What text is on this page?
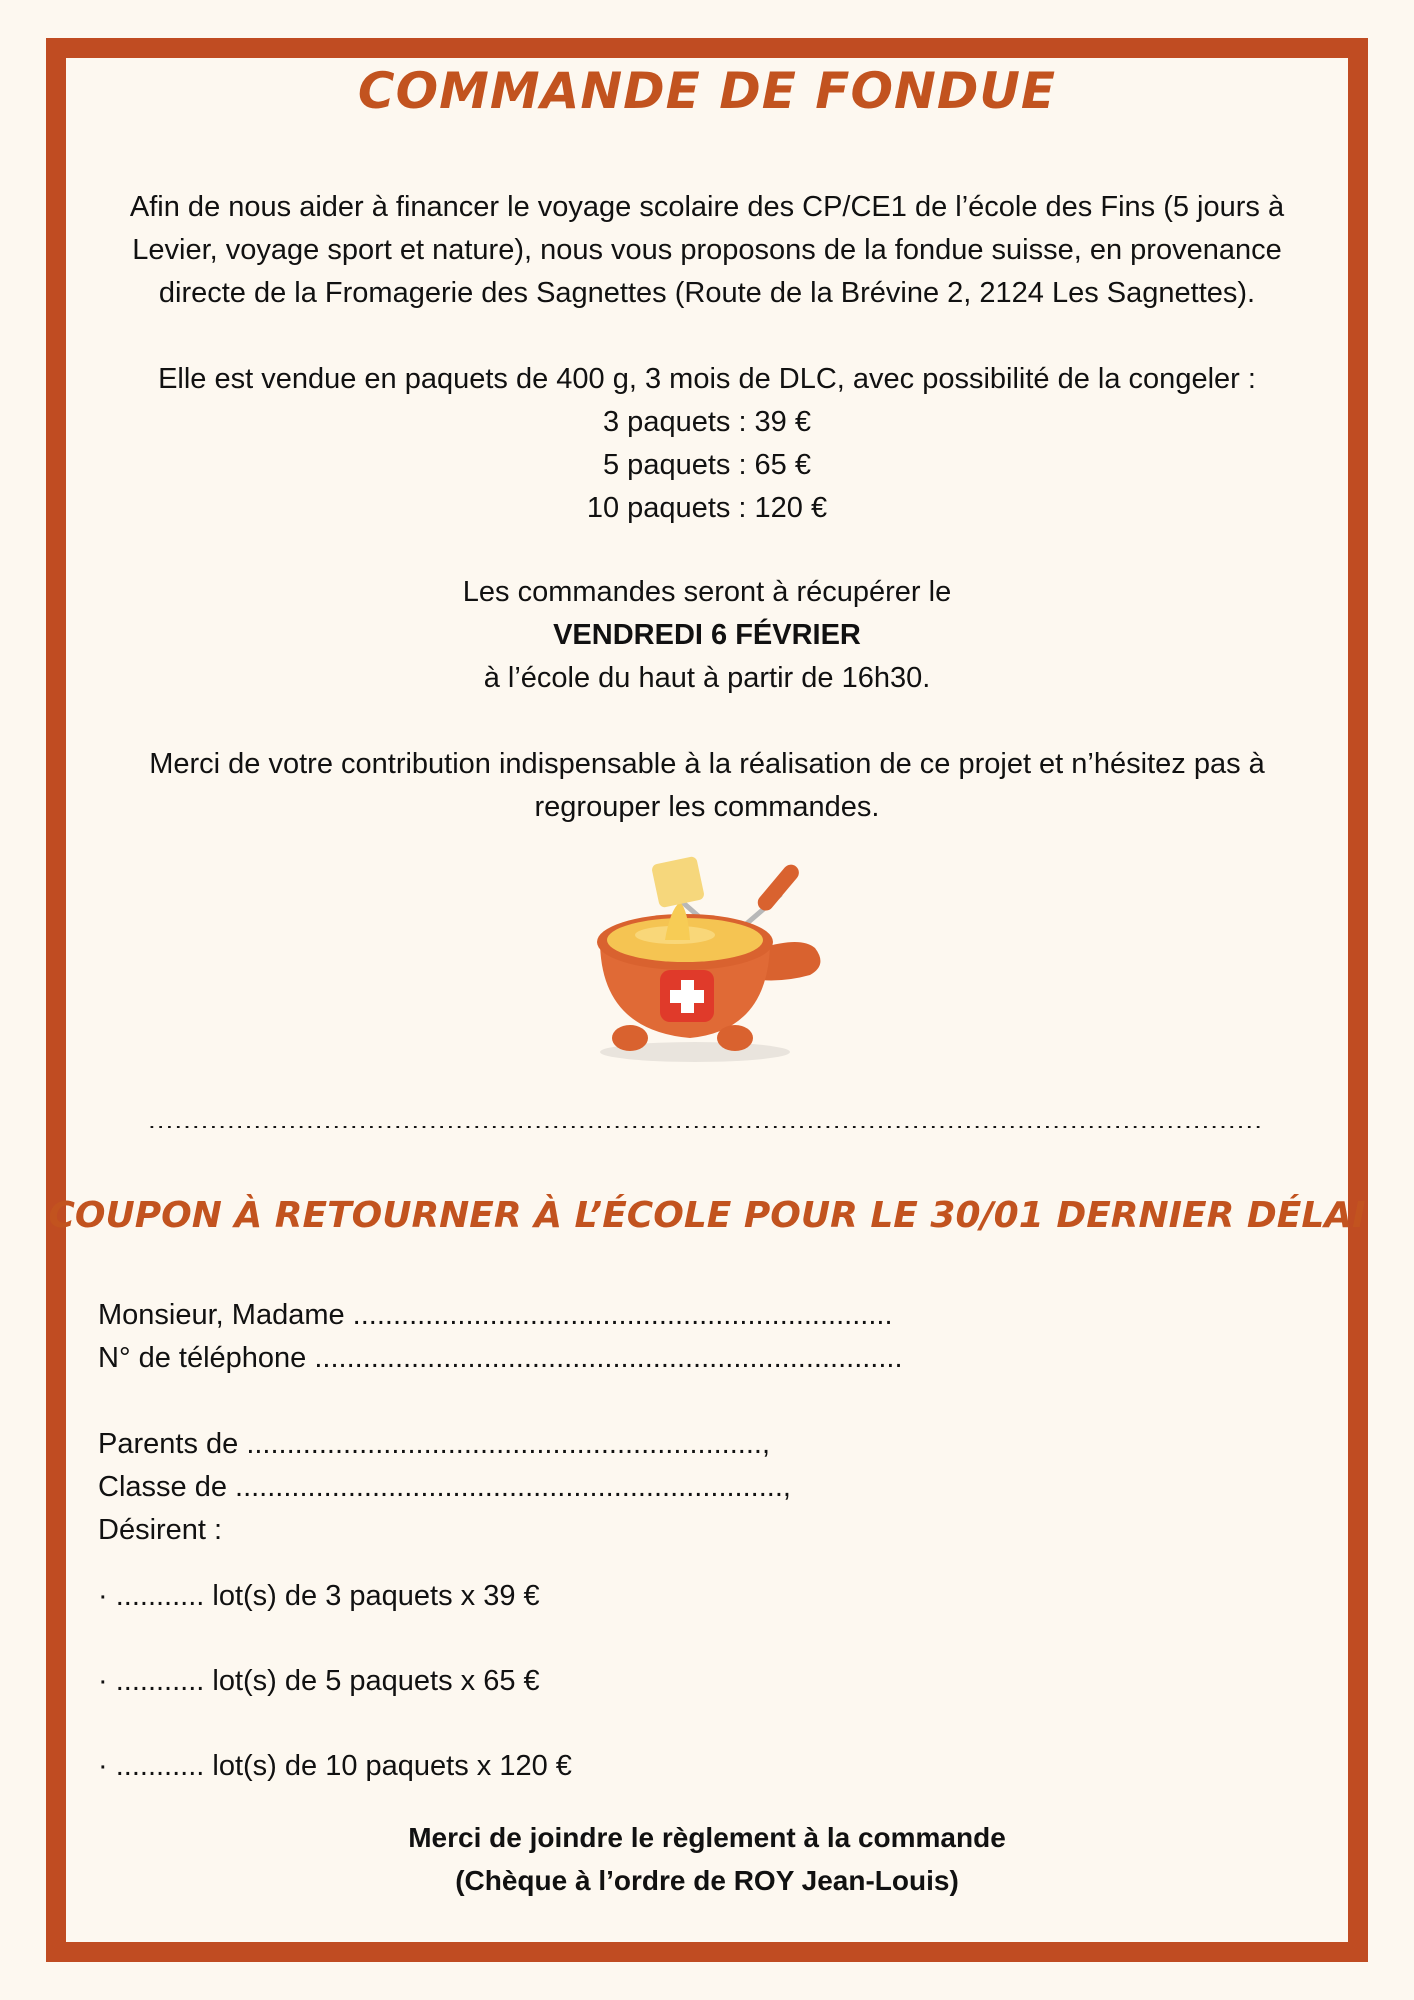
COMMANDE DE FONDUE
Afin de nous aider à financer le voyage scolaire des CP/CE1 de l’école des Fins (5 jours à
Levier, voyage sport et nature), nous vous proposons de la fondue suisse, en provenance
directe de la Fromagerie des Sagnettes (Route de la Brévine 2, 2124 Les Sagnettes).
Elle est vendue en paquets de 400 g, 3 mois de DLC, avec possibilité de la congeler :
3 paquets : 39 €
5 paquets : 65 €
10 paquets : 120 €
Les commandes seront à récupérer le
VENDREDI 6 FÉVRIER
à l’école du haut à partir de 16h30.
Merci de votre contribution indispensable à la réalisation de ce projet et n’hésitez pas à
regrouper les commandes.
...............................................................................................................................
COUPON À RETOURNER À L’ÉCOLE POUR LE 30/01 DERNIER DÉLAI
Monsieur, Madame ...................................................................
N° de téléphone .........................................................................
Parents de ................................................................,
Classe de ....................................................................,
Désirent :
· ........... lot(s) de 3 paquets x 39 €
· ........... lot(s) de 5 paquets x 65 €
· ........... lot(s) de 10 paquets x 120 €
Merci de joindre le règlement à la commande
(Chèque à l’ordre de ROY Jean-Louis)
